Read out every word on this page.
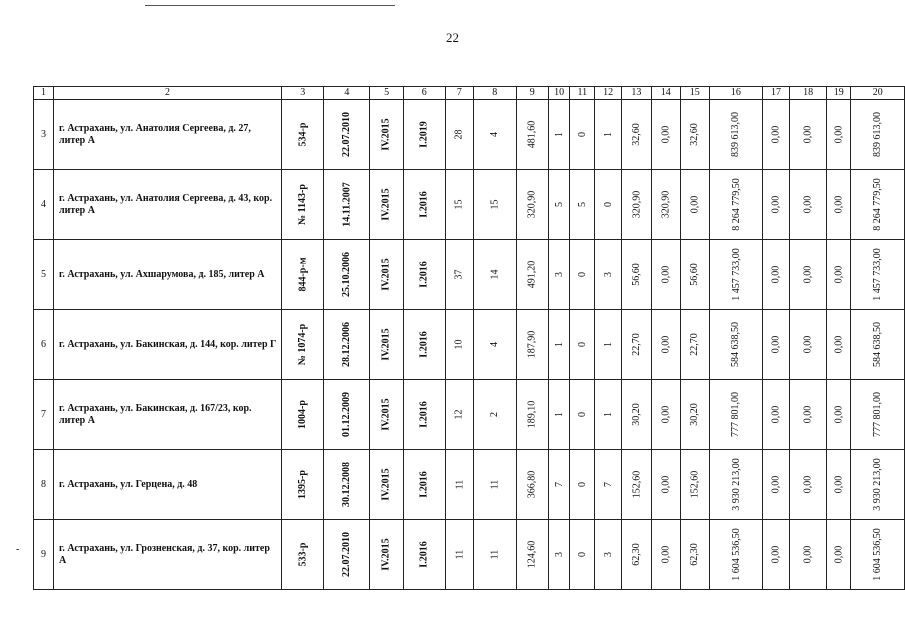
22
1	2	3	4	5	6	7	8	9	10	11	12	13	14	15	16	17	18	19	20
3	г. Астрахань, ул. Анатолия Сергеева, д. 27, литер А	534-р	22.07.2010	IV.2015	I.2019	28	4	481,60	1	0	1	32,60	0,00	32,60	839 613,00	0,00	0,00	0,00	839 613,00
4	г. Астрахань, ул. Анатолия Сергеева, д. 43, кор. литер А	№ 1143-р	14.11.2007	IV.2015	I.2016	15	15	320,90	5	5	0	320,90	320,90	0,00	8 264 779,50	0,00	0,00	0,00	8 264 779,50
5	г. Астрахань, ул. Ахшарумова, д. 185, литер А	844-р-м	25.10.2006	IV.2015	I.2016	37	14	491,20	3	0	3	56,60	0,00	56,60	1 457 733,00	0,00	0,00	0,00	1 457 733,00
6	г. Астрахань, ул. Бакинская, д. 144, кор. литер Г	№ 1074-р	28.12.2006	IV.2015	I.2016	10	4	187,90	1	0	1	22,70	0,00	22,70	584 638,50	0,00	0,00	0,00	584 638,50
7	г. Астрахань, ул. Бакинская, д. 167/23, кор. литер А	1004-р	01.12.2009	IV.2015	I.2016	12	2	189,10	1	0	1	30,20	0,00	30,20	777 801,00	0,00	0,00	0,00	777 801,00
8	г. Астрахань, ул. Герцена, д. 48	1395-р	30.12.2008	IV.2015	I.2016	11	11	366,80	7	0	7	152,60	0,00	152,60	3 930 213,00	0,00	0,00	0,00	3 930 213,00
9	г. Астрахань, ул. Грозненская, д. 37, кор. литер А	533-р	22.07.2010	IV.2015	I.2016	11	11	124,60	3	0	3	62,30	0,00	62,30	1 604 536,50	0,00	0,00	0,00	1 604 536,50
-
